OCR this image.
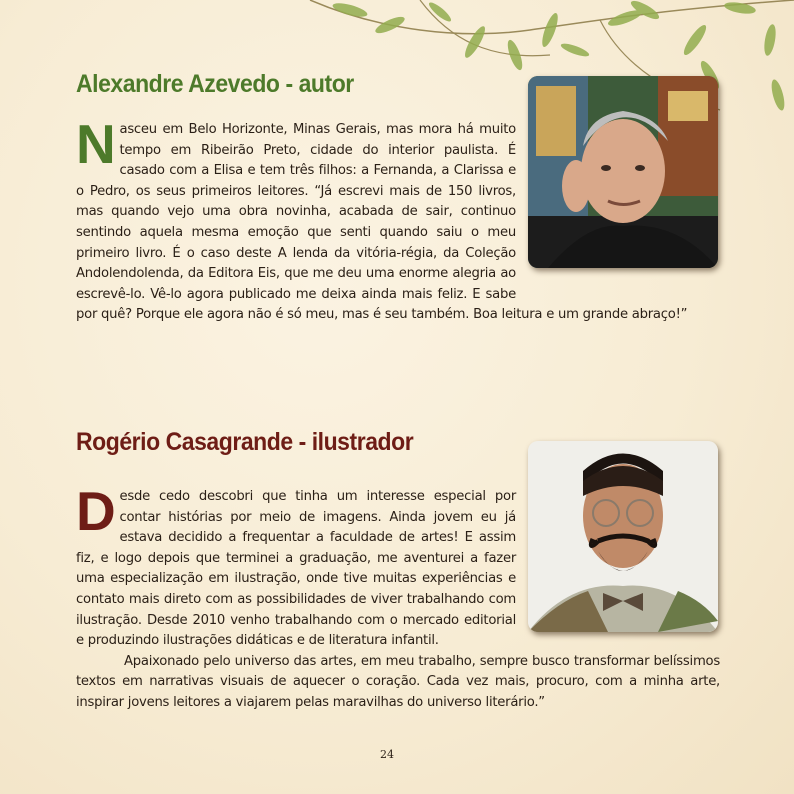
Alexandre Azevedo - autor
Nasceu em Belo Horizonte, Minas Gerais, mas mora há muito tempo em Ribeirão Preto, cidade do interior paulista. É casado com a Elisa e tem três filhos: a Fernanda, a Clarissa e o Pedro, os seus primeiros leitores. “Já escrevi mais de 150 livros, mas quando vejo uma obra novinha, acabada de sair, continuo sentindo aquela mesma emoção que senti quando saiu o meu primeiro livro. É o caso deste A lenda da vitória-régia, da Coleção Andolendolenda, da Editora Eis, que me deu uma enorme alegria ao escrevê-lo. Vê-lo agora publicado me deixa ainda mais feliz. E sabe por quê? Porque ele agora não é só meu, mas é seu também. Boa leitura e um grande abraço!”
Rogério Casagrande - ilustrador
Desde cedo descobri que tinha um interesse especial por contar histórias por meio de imagens. Ainda jovem eu já estava decidido a frequentar a faculdade de artes! E assim fiz, e logo depois que terminei a graduação, me aventurei a fazer uma especialização em ilustração, onde tive muitas experiências e contato mais direto com as possibilidades de viver trabalhando com ilustração. Desde 2010 venho trabalhando com o mercado editorial e produzindo ilustrações didáticas e de literatura infantil.

Apaixonado pelo universo das artes, em meu trabalho, sempre busco transformar belíssimos textos em narrativas visuais de aquecer o coração. Cada vez mais, procuro, com a minha arte, inspirar jovens leitores a viajarem pelas maravilhas do universo literário.”

24
